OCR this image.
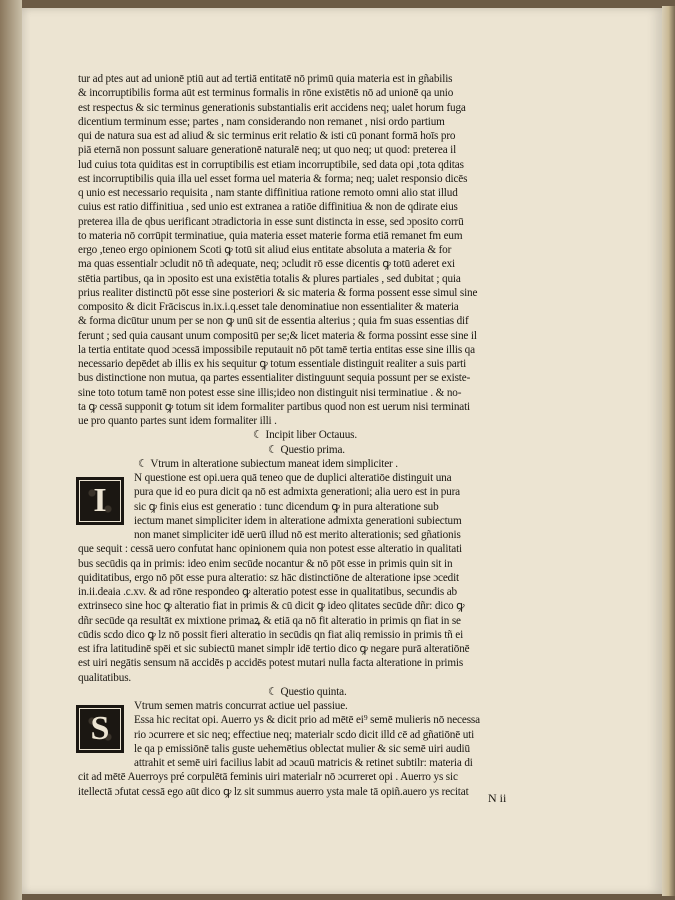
tur ad ptes aut ad unionē ptiū aut ad tertiā entitatē nō primū quia materia est in gñabilis
& incorruptibilis forma aūt est terminus formalis in rōne existētis nō ad unionē qa unio
est respectus & sic terminus generationis substantialis erit accidens neq; ualet horum fuga
dicentium terminum esse; partes , nam considerando non remanet , nisi ordo partium
qui de natura sua est ad aliud & sic terminus erit relatio & isti cū ponant formā hoīs pro
piā eternā non possunt saluare generationē naturalē neq; ut quo neq; ut quod: preterea il
lud cuius tota quiditas est in corruptibilis est etiam incorruptibile, sed data opi ,tota qditas
est incorruptibilis quia illa uel esset forma uel materia & forma; neq; ualet responsio dicēs
q unio est necessario requisita , nam stante diffinitiua ratione remoto omni alio stat illud
cuius est ratio diffinitiua , sed unio est extranea a ratiōe diffinitiua & non de qdirate eius
preterea illa de qbus uerificant ɔtradictoria in esse sunt distincta in esse, sed ɔposito corrū
to materia nō corrūpit terminatiue, quia materia esset materie forma etiā remanet fm eum
ergo ,teneo ergo opinionem Scoti ꝙ totū sit aliud eius entitate absoluta a materia & for
ma quas essentialr ɔcludit nō tñ adequate, neq; ɔcludit rō esse dicentis ꝙ totū aderet exi
stētia partibus, qa in ɔposito est una existētia totalis & plures partiales , sed dubitat ; quia
prius realiter distinctū pōt esse sine posteriori & sic materia & forma possent esse simul sine
composito & dicit Frāciscus in.ix.i.q.esset tale denominatiue non essentialiter & materia
& forma dicūtur unum per se non ꝙ unū sit de essentia alterius ; quia fm suas essentias dif
ferunt ; sed quia causant unum compositū per se;& licet materia & forma possint esse sine il
la tertia entitate quod ɔcessā impossibile reputauit nō pōt tamē tertia entitas esse sine illis qa
necessario depēdet ab illis ex his sequitur ꝙ totum essentiale distinguit realiter a suis parti
bus distinctione non mutua, qa partes essentialiter distinguunt sequia possunt per se existe-
sine toto totum tamē non potest esse sine illis;ideo non distinguit nisi terminatiue . & no-
ta ꝙ cessā supponit ꝙ totum sit idem formaliter partibus quod non est uerum nisi terminati
ue pro quanto partes sunt idem formaliter illi .
☾ Incipit liber Octauus.
☾ Questio prima.
☾ Vtrum in alteratione subiectum maneat idem simpliciter .
N questione est opi.uera quā teneo que de duplici alteratiōe distinguit una
pura que id eo pura dicit qa nō est admixta generationi; alia uero est in pura
sic ꝙ finis eius est generatio : tunc dicendum ꝙ in pura alteratione sub
iectum manet simpliciter idem in alteratione admixta generationi subiectum
non manet simpliciter idē uerū illud nō est merito alterationis; sed gñationis
que sequit : cessā uero confutat hanc opinionem quia non potest esse alteratio in qualitati
bus secūdis qa in primis: ideo enim secūde nocantur & nō pōt esse in primis quin sit in
quiditatibus, ergo nō pōt esse pura alteratio: sz hāc distinctiōne de alteratione ipse ɔcedit
in.ii.deaia .c.xv. & ad rōne respondeo ꝙ alteratio potest esse in qualitatibus, secundis ab
extrinseco sine hoc ꝙ alteratio fiat in primis & cū dicit ꝙ ideo qlitates secūde dñr: dico ꝙ
dñr secūde qa resultāt ex mixtione primaꝝ & etiā qa nō fit alteratio in primis qn fiat in se
cūdis scdo dico ꝙ lz nō possit fieri alteratio in secūdis qn fiat aliq remissio in primis tñ ei
est ifra latitudinē spēi et sic subiectū manet simplr idē tertio dico ꝙ negare purā alteratiōnē
est uiri negātis sensum nā accidēs p accidēs potest mutari nulla facta alteratione in primis
qualitatibus.
☾ Questio quinta.
Vtrum semen matris concurrat actiue uel passiue.
Essa hic recitat opi. Auerro ys & dicit prio ad mētē ei⁹ semē mulieris nō necessa
rio ɔcurrere et sic neq; effectiue neq; materialr scdo dicit illd cē ad gñatiōnē uti
le qa p emissiōnē talis guste uehemētius oblectat mulier & sic semē uiri audiū
attrahit et semē uiri facilius labit ad ɔcauū matricis & retinet subtilr: materia di
cit ad mētē Auerroys pré corpulētā feminis uiri materialr nō ɔcurreret opi . Auerro ys sic
itellectā ɔfutat cessā ego aūt dico ꝙ lz sit summus auerro ysta male tā opiñ.auero ys recitat
I
S
N ii
